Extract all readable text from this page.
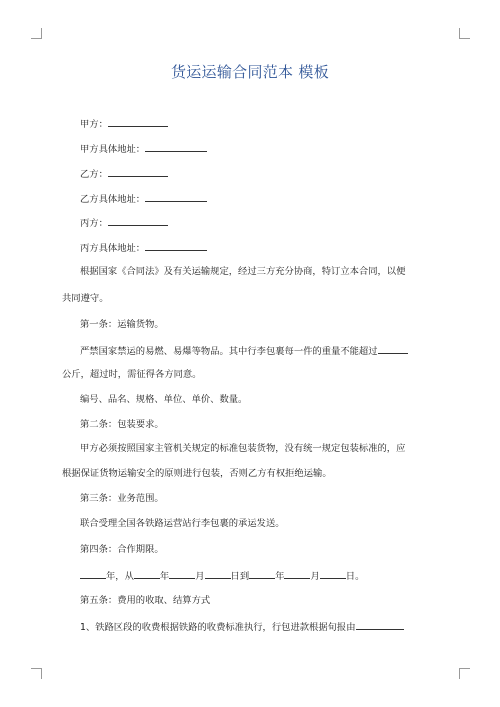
货运运输合同范本 模板
甲方：
甲方具体地址：
乙方：
乙方具体地址：
丙方：
丙方具体地址：
根据国家《合同法》及有关运输规定，经过三方充分协商，特订立本合同，以便
共同遵守。
第一条：运输货物。
严禁国家禁运的易燃、易爆等物品。其中行李包裹每一件的重量不能超过
公斤，超过时，需征得各方同意。
编号、品名、规格、单位、单价、数量。
第二条：包装要求。
甲方必须按照国家主管机关规定的标准包装货物，没有统一规定包装标准的，应
根据保证货物运输安全的原则进行包装，否则乙方有权拒绝运输。
第三条：业务范围。
联合受理全国各铁路运营站行李包裹的承运发送。
第四条：合作期限。
年，从	年	月	日到	年	月	日。
第五条：费用的收取、结算方式
1、铁路区段的收费根据铁路的收费标准执行，行包进款根据旬报由
